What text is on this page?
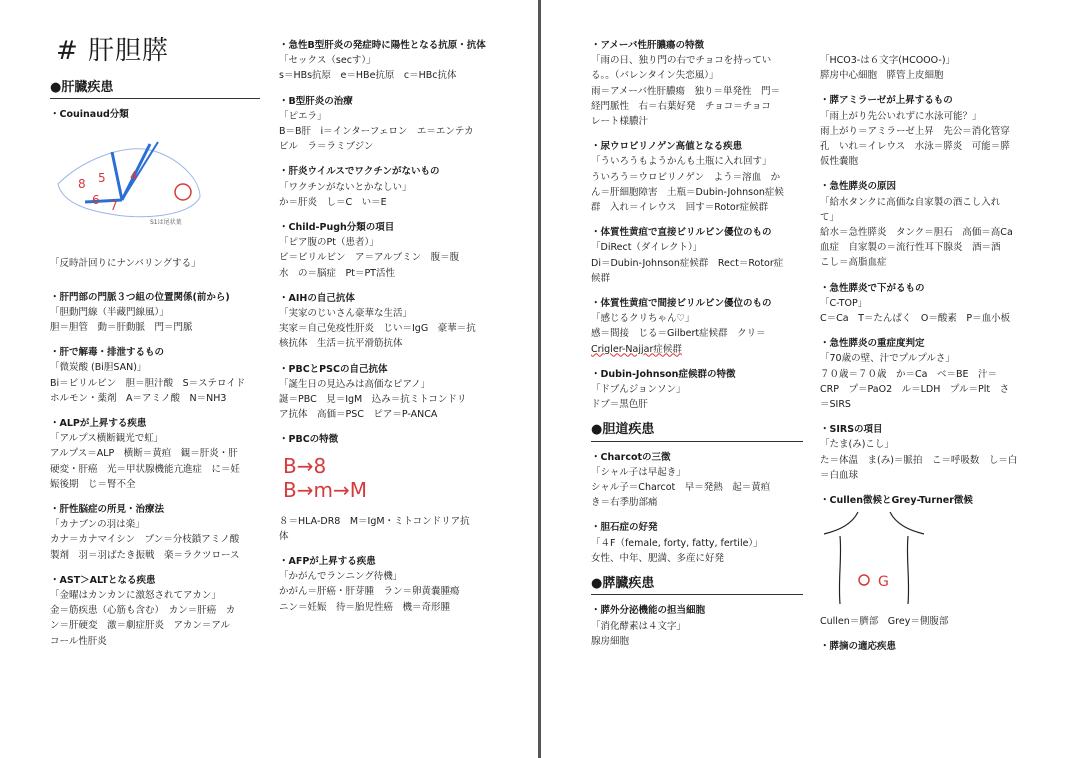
# 肝胆膵
●肝臓疾患

・Couinaud分類

5 4
6 7
8
S1は尾状葉

「反時計回りにナンバリングする」

・肝門部の門脈３つ組の位置関係(前から)

「胆動門線（半藏門線風）」

胆＝胆管　動＝肝動脈　門＝門脈

・肝で解毒・排泄するもの

「微炭酸 (Bi胆SAN)」

Bi＝ビリルビン　胆＝胆汁酸　S＝ステロイド

ホルモン・薬剤　A＝アミノ酸　N＝NH3

・ALPが上昇する疾患

「アルプス横断観光で虹」

アルプス＝ALP　横断＝黄疸　観＝肝炎・肝

硬変・肝癌　光＝甲状腺機能亢進症　に＝妊

娠後期　じ＝腎不全

・肝性脳症の所見・治療法

「カナブンの羽は楽」

カナ＝カナマイシン　ブン＝分枝鎖アミノ酸

製剤　羽＝羽ばたき振戦　楽＝ラクツロース

・AST＞ALTとなる疾患

「金曜はカンカンに激怒されてアカン」

金＝筋疾患（心筋も含む）　カン＝肝癌　カ

ン＝肝硬変　激＝劇症肝炎　アカン＝アル

コール性肝炎

・急性B型肝炎の発症時に陽性となる抗原・抗体

「セックス（secす）」

s＝HBs抗原　e＝HBe抗原　c＝HBc抗体

・B型肝炎の治療

「ピエラ」

B＝B肝　i＝インターフェロン　エ＝エンテカ

ビル　ラ＝ラミブジン

・肝炎ウイルスでワクチンがないもの

「ワクチンがないとかなしい」

か＝肝炎　し＝C　い＝E

・Child-Pugh分類の項目

「ピア腹のPt（患者）」

ビ＝ビリルビン　ア＝アルブミン　腹＝腹

水　の＝脳症　Pt＝PT活性

・AIHの自己抗体

「実家のじいさん豪華な生活」

実家＝自己免疫性肝炎　じい＝IgG　豪華＝抗

核抗体　生活＝抗平滑筋抗体

・PBCとPSCの自己抗体

「誕生日の見込みは高価なピアノ」

誕＝PBC　見＝IgM　込み＝抗ミトコンドリ

ア抗体　高価＝PSC　ピア＝P-ANCA

・PBCの特徴

B→8
B→m→M

８＝HLA-DR8　M＝IgM・ミトコンドリア抗

体

・AFPが上昇する疾患

「かがんでランニング待機」

かがん＝肝癌・肝芽腫　ラン＝卵黄嚢腫瘍

ニン＝妊娠　待＝胎児性癌　機＝奇形腫

・アメーバ性肝膿瘍の特徴

「雨の日、独り門の右でチョコを持ってい

る。。（バレンタイン失恋風）」

雨＝アメーバ性肝膿瘍　独り＝単発性　門＝

経門脈性　右＝右葉好発　チョコ＝チョコ

レート様膿汁

・尿ウロビリノゲン高値となる疾患

「ういろうもようかんも土瓶に入れ回す」

ういろう＝ウロビリノゲン　よう＝溶血　か

ん＝肝細胞障害　土瓶＝Dubin-Johnson症候

群　入れ＝イレウス　回す＝Rotor症候群

・体質性黄疸で直接ビリルビン優位のもの

「DiRect（ダイレクト）」

Di＝Dubin-Johnson症候群　Rect＝Rotor症

候群

・体質性黄疸で間接ビリルビン優位のもの

「感じるクリちゃん♡」

感＝間接　じる＝Gilbert症候群　クリ＝

Crigler-Najjar症候群

・Dubin-Johnson症候群の特徴

「ドブんジョンソン」

ドブ＝黒色肝

●胆道疾患

・Charcotの三徴

「シャル子は早起き」

シャル子＝Charcot　早＝発熱　起＝黄疸

き＝右季肋部痛

・胆石症の好発

「４F（female, forty, fatty, fertile）」

女性、中年、肥満、多産に好発

●膵臓疾患

・膵外分泌機能の担当細胞

「消化酵素は４文字」

腺房細胞

「HCO3-は６文字(HCOOO-)」

膵房中心細胞　膵管上皮細胞

・膵アミラーゼが上昇するもの

「雨上がり先公いれずに水泳可能？」

雨上がり＝アミラーゼ上昇　先公＝消化管穿

孔　いれ＝イレウス　水泳＝膵炎　可能＝膵

仮性嚢胞

・急性膵炎の原因

「給水タンクに高価な自家製の酒こし入れ

て」

給水＝急性膵炎　タンク＝胆石　高価＝高Ca

血症　自家製の＝流行性耳下腺炎　酒＝酒

こし＝高脂血症

・急性膵炎で下がるもの

「C-TOP」

C＝Ca　T＝たんぱく　O＝酸素　P＝血小板

・急性膵炎の重症度判定

「70歳の壁、汁でプルプルさ」

７０歳＝７０歳　か＝Ca　ベ＝BE　汁＝

CRP　プ＝PaO2　ル＝LDH　プル＝Plt　さ

＝SIRS

・SIRSの項目

「たま(み)こし」

た＝体温　ま(み)＝脈拍　こ＝呼吸数　し＝白

＝白血球

・Cullen徴候とGrey-Turner徴候

G

Cullen＝臍部　Grey＝側腹部

・膵摘の適応疾患
